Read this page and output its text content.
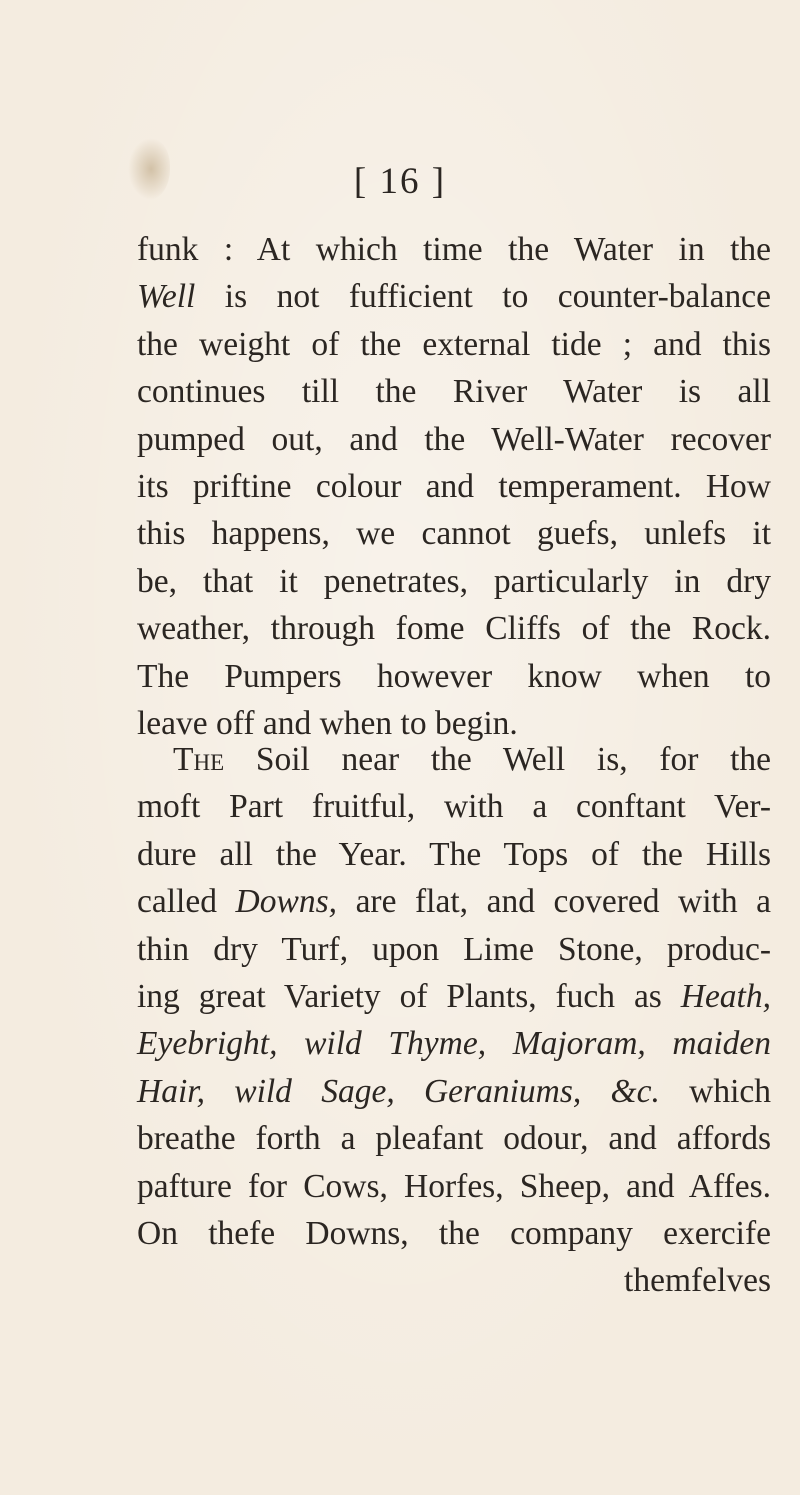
[ 16 ]
funk : At which time the Water in the
Well is not fufficient to counter-balance
the weight of the external tide ; and this
continues till the River Water is all
pumped out, and the Well-Water recover
its priftine colour and temperament. How
this happens, we cannot guefs, unlefs it
be, that it penetrates, particularly in dry
weather, through fome Cliffs of the Rock.
The Pumpers however know when to
leave off and when to begin.
The Soil near the Well is, for the
moft Part fruitful, with a conftant Ver-
dure all the Year. The Tops of the Hills
called Downs, are flat, and covered with a
thin dry Turf, upon Lime Stone, produc-
ing great Variety of Plants, fuch as Heath,
Eyebright, wild Thyme, Majoram, maiden
Hair, wild Sage, Geraniums, &c. which
breathe forth a pleafant odour, and affords
pafture for Cows, Horfes, Sheep, and Affes.
On thefe Downs, the company exercife
themfelves
